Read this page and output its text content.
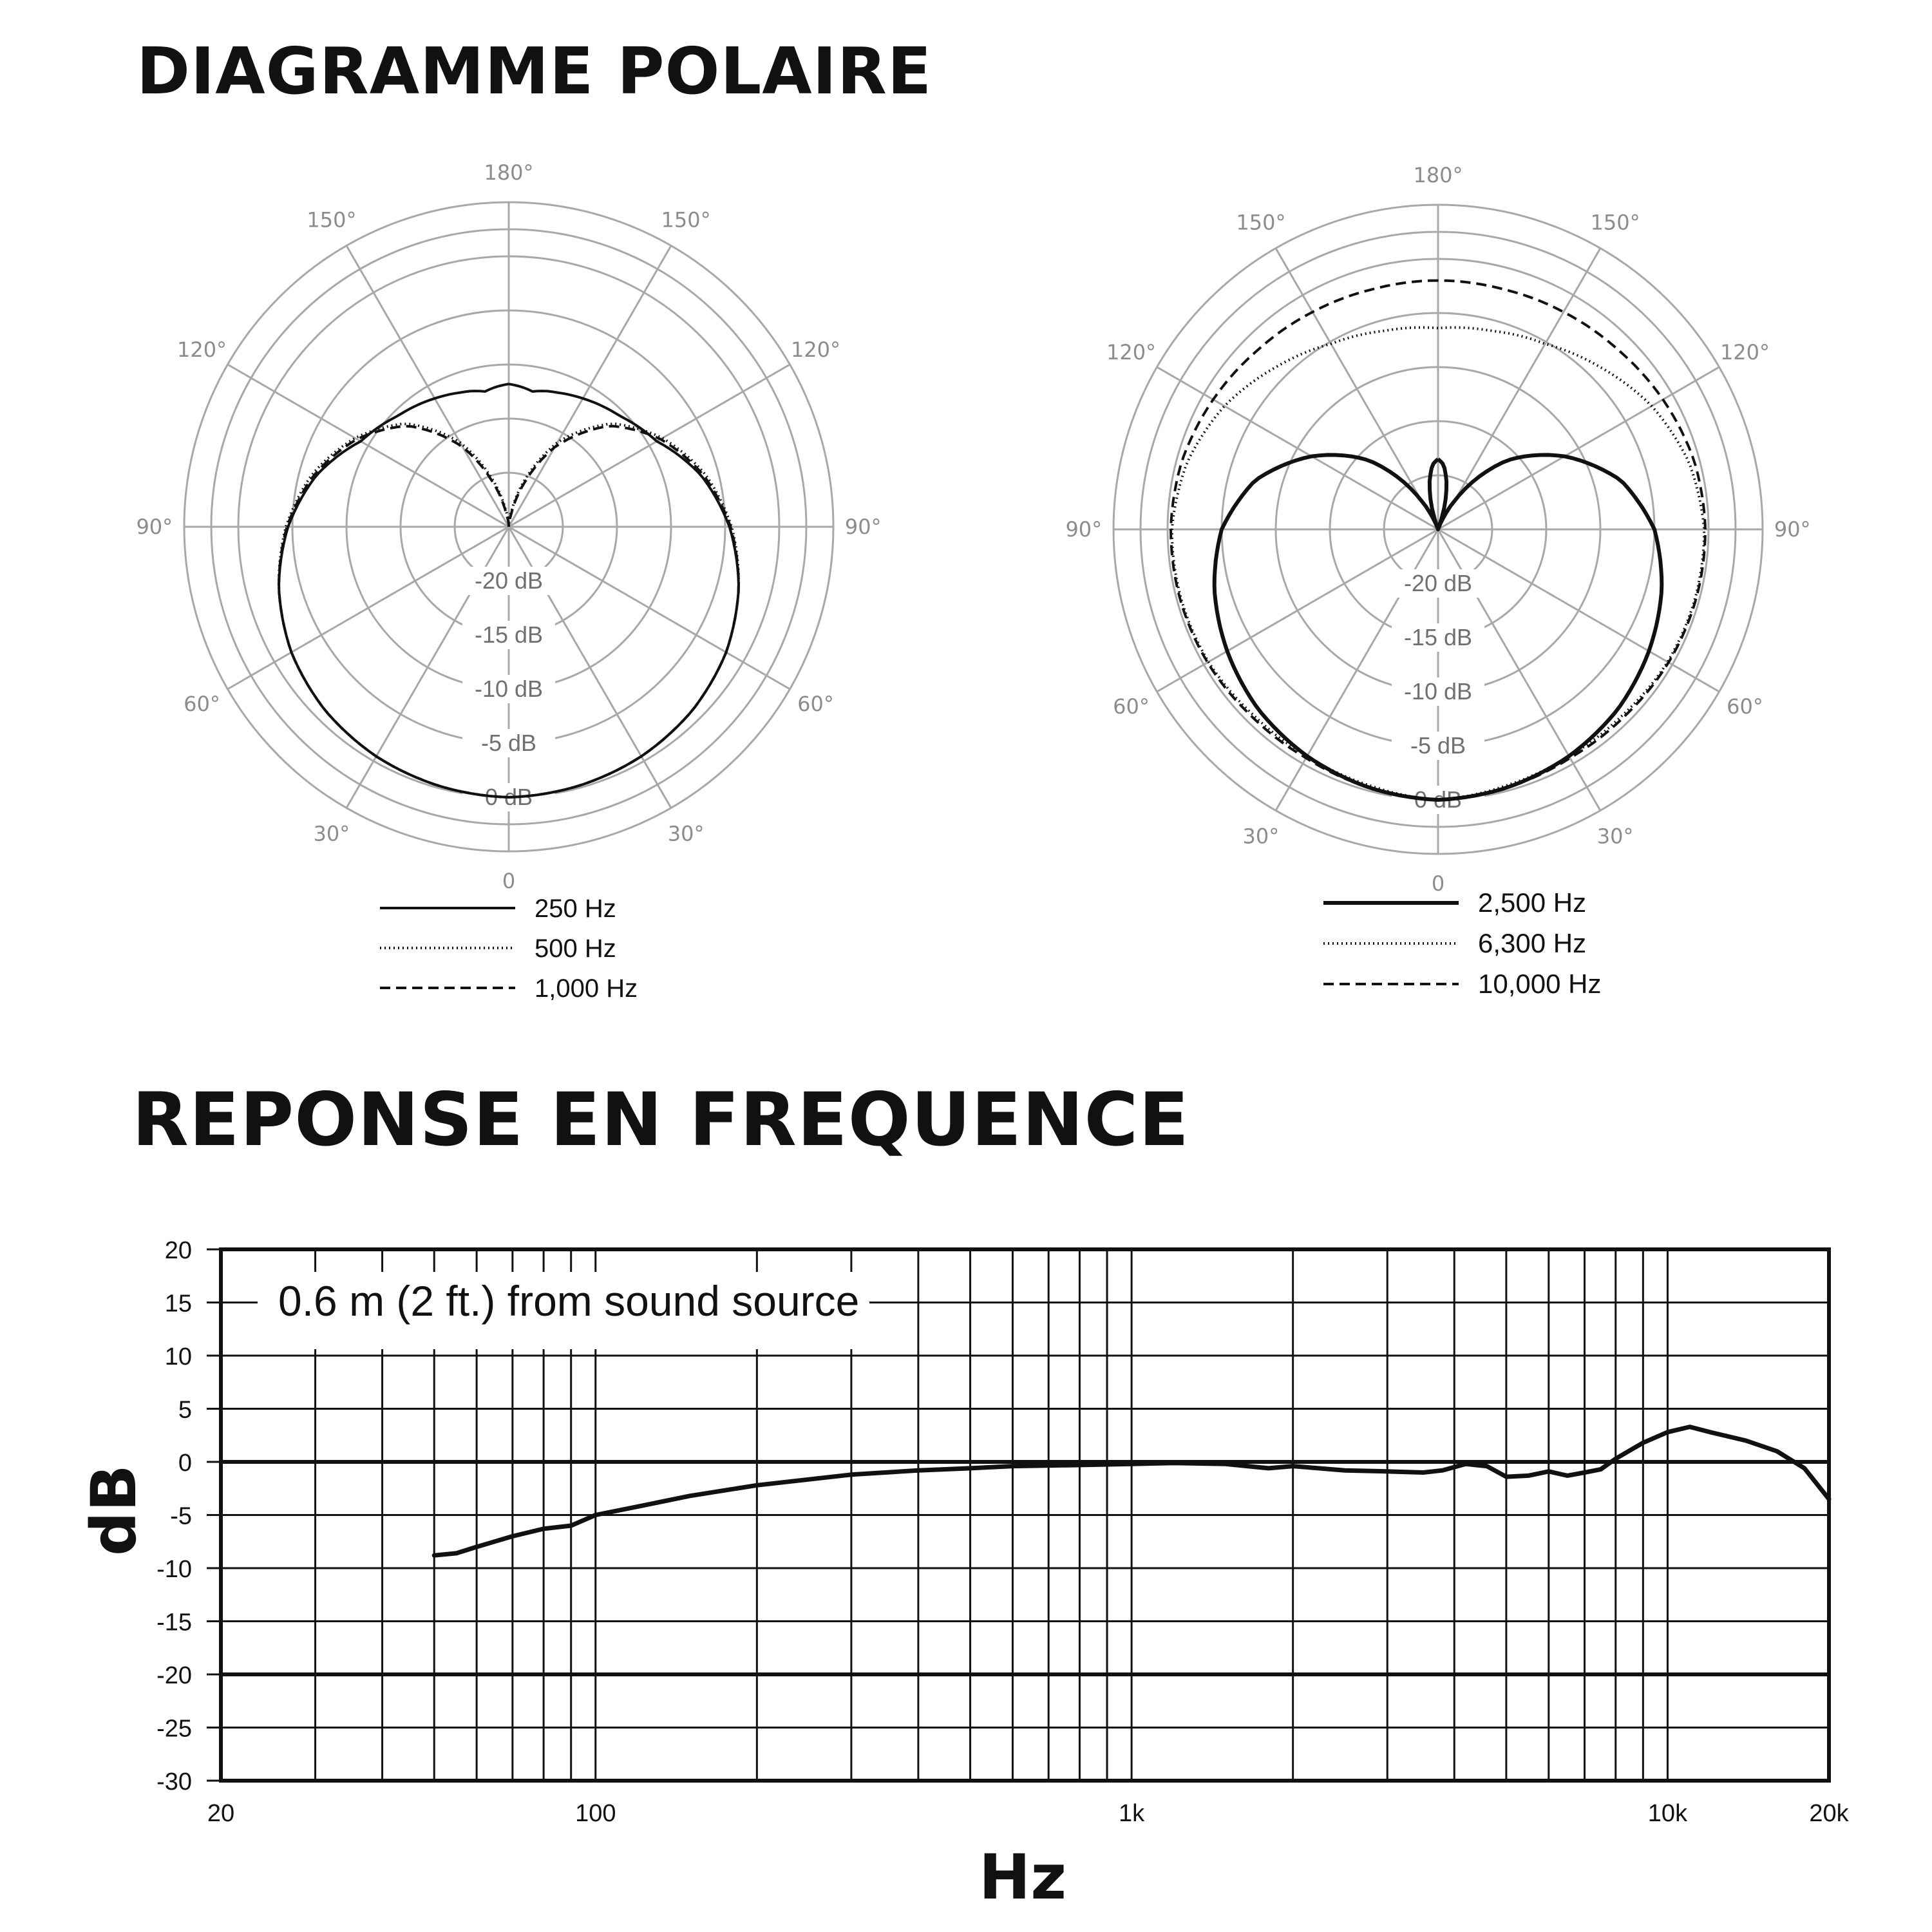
DIAGRAMME POLAIRE
REPONSE EN FREQUENCE
180°
150°
150°
120°
120°
90°
90°
60°
60°
30°
30°
0
-20 dB
-15 dB
-10 dB
-5 dB
0 dB
250 Hz
500 Hz
1,000 Hz
180°
150°
150°
120°
120°
90°
90°
60°
60°
30°
30°
0
-20 dB
-15 dB
-10 dB
-5 dB
0 dB
2,500 Hz
6,300 Hz
10,000 Hz
0.6 m (2 ft.) from sound source
20
15
10
5
0
-5
-10
-15
-20
-25
-30
20	100	1k	10k	20k
Hz
dB
